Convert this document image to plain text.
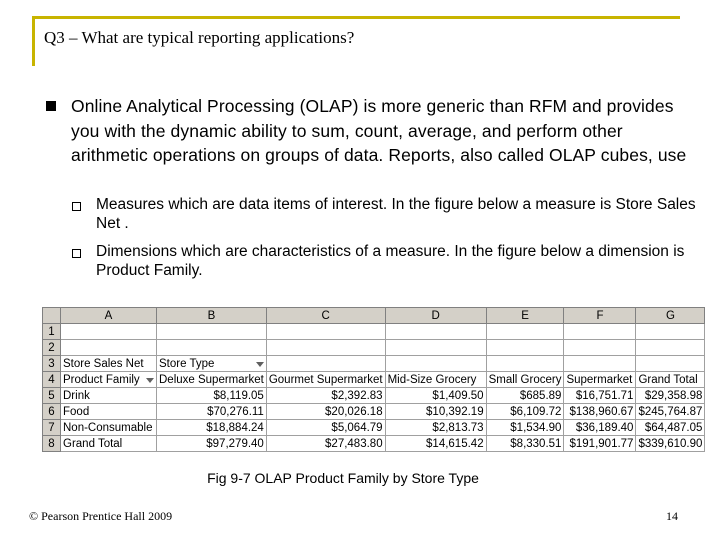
Q3 – What are typical reporting applications?
Online Analytical Processing (OLAP) is more generic than RFM and provides you with the dynamic ability to sum, count, average, and perform other arithmetic operations on groups of data. Reports, also called OLAP cubes, use
Measures which are data items of interest. In the figure below a measure is Store Sales Net .
Dimensions which are characteristics of a measure. In the figure below a dimension is Product Family.
	A	B	C	D	E	F	G
1							
2							
3	Store Sales Net	Store Type

4	Product Family	Deluxe Supermarket	Gourmet Supermarket	Mid-Size Grocery	Small Grocery	Supermarket	Grand Total
5	Drink	$8,119.05	$2,392.83	$1,409.50	$685.89	$16,751.71	$29,358.98
6	Food	$70,276.11	$20,026.18	$10,392.19	$6,109.72	$138,960.67	$245,764.87
7	Non-Consumable	$18,884.24	$5,064.79	$2,813.73	$1,534.90	$36,189.40	$64,487.05
8	Grand Total	$97,279.40	$27,483.80	$14,615.42	$8,330.51	$191,901.77	$339,610.90
Fig 9-7 OLAP Product Family by Store Type
© Pearson Prentice Hall 2009	14
